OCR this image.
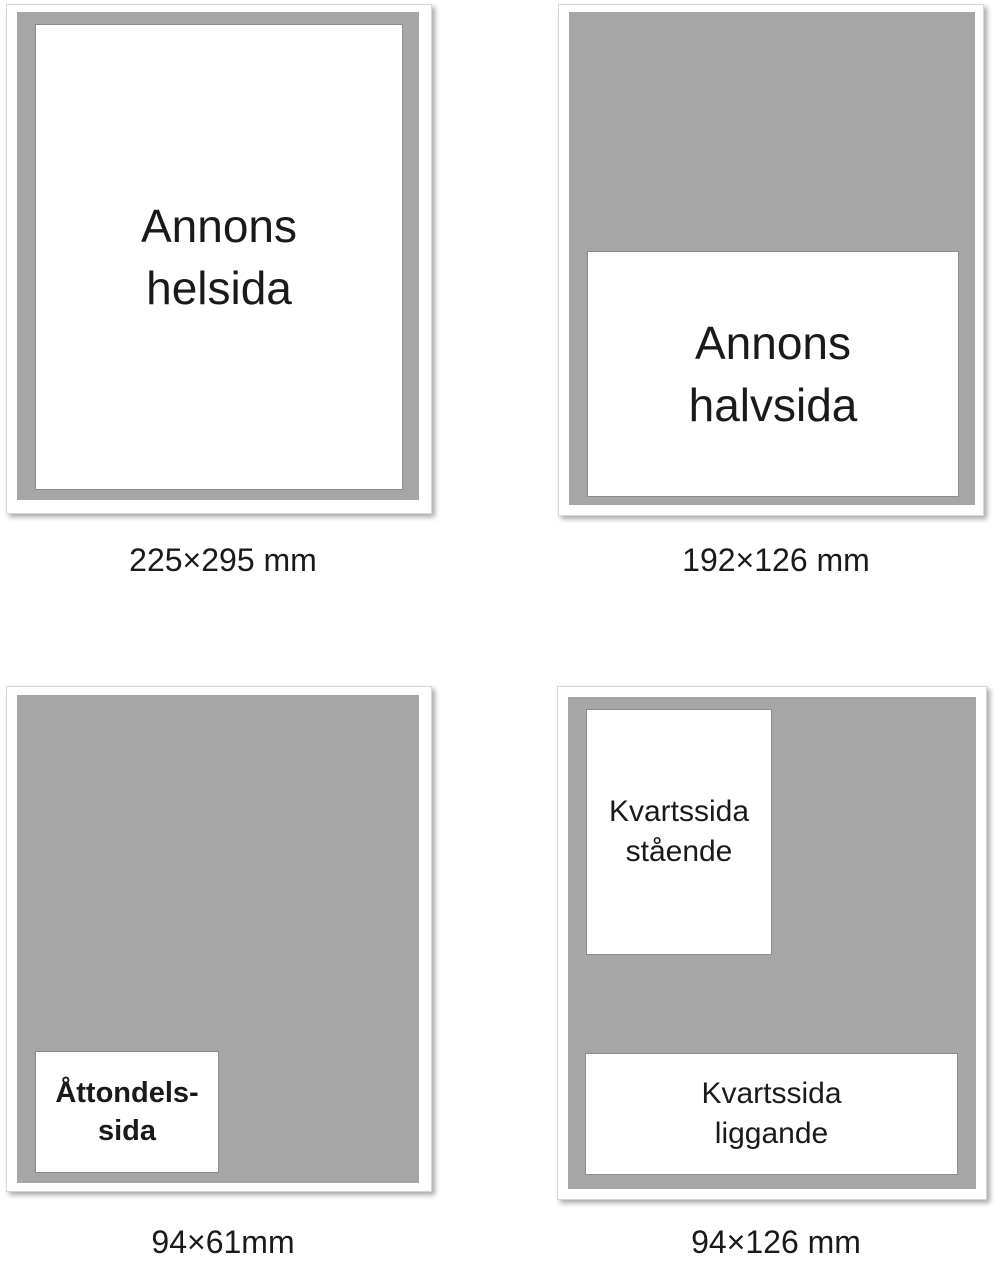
Annons
helsida
225×295 mm
Annons
halvsida
192×126 mm
Åttondels-
sida
94×61mm
Kvartssida
stående
Kvartssida
liggande
94×126 mm
